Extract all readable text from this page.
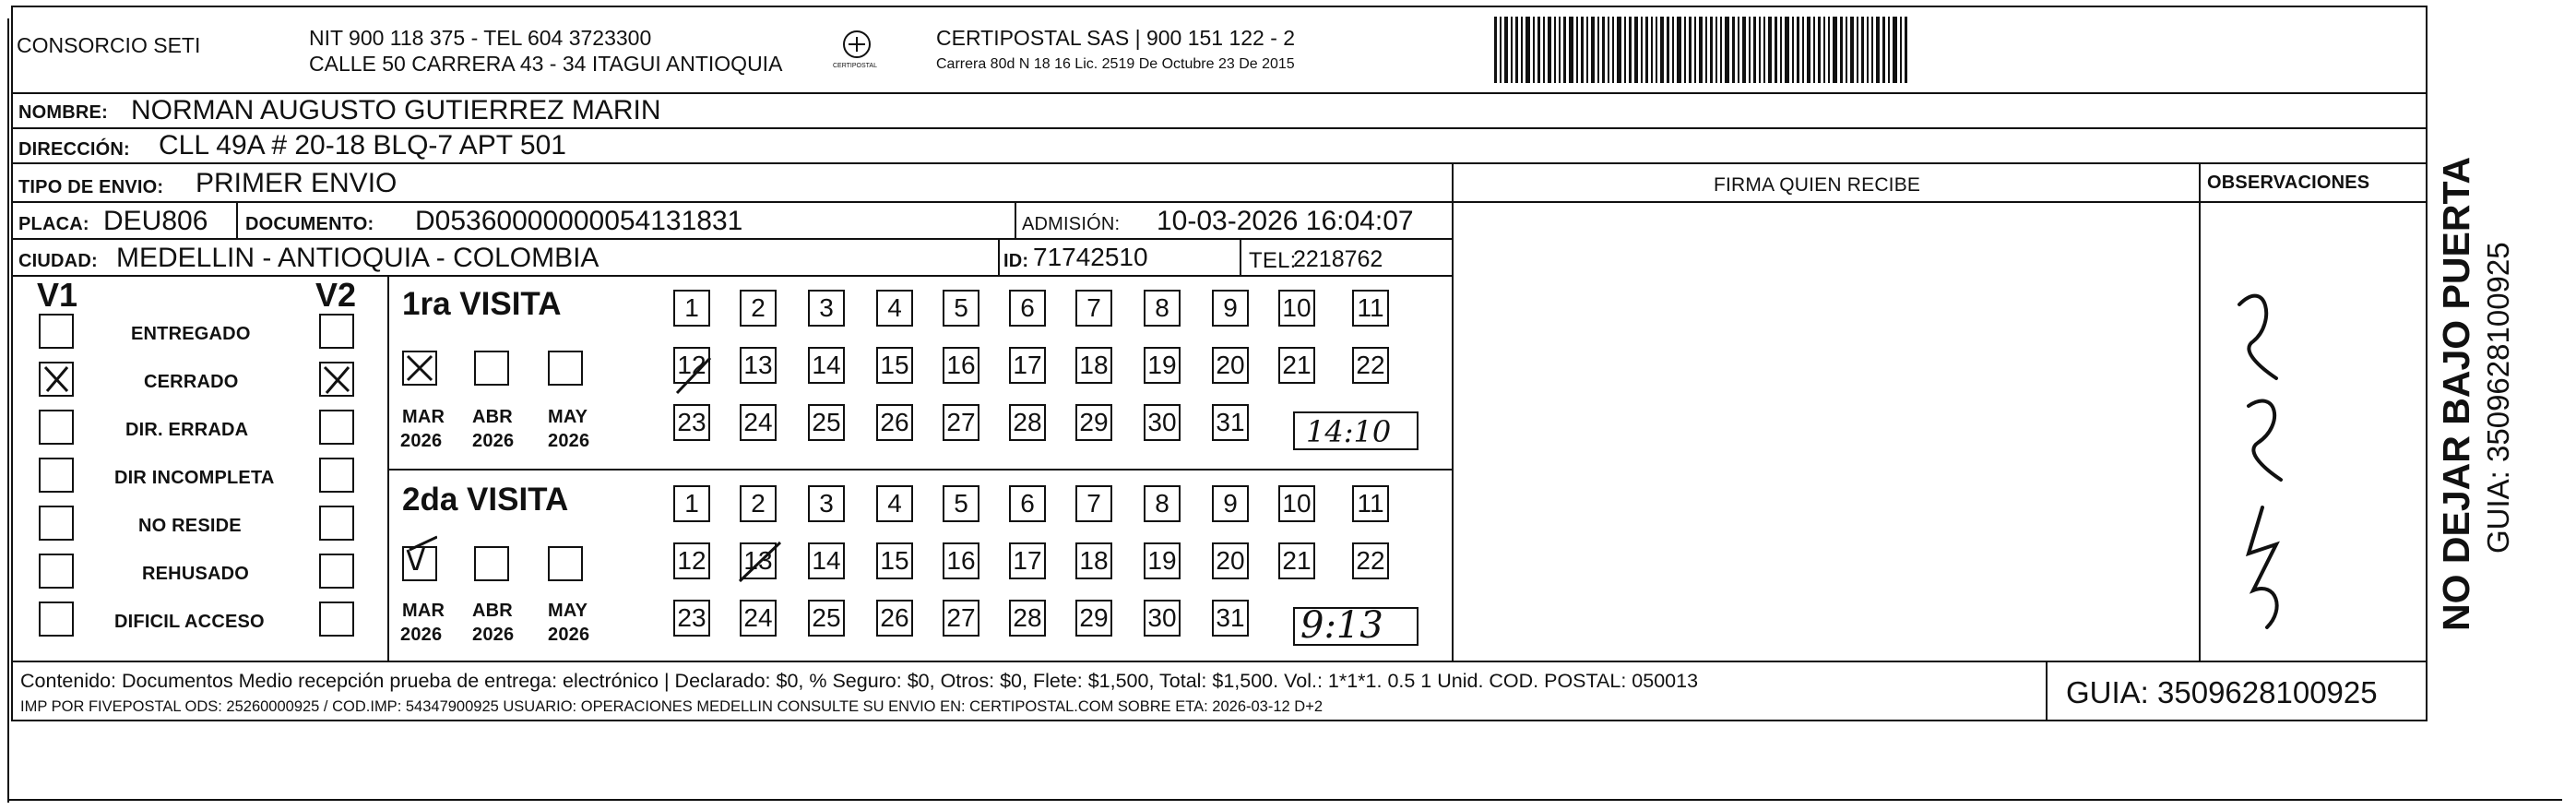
CONSORCIO SETI	NIT 900 118 375 - TEL 604 3723300
CALLE 50 CARRERA 43 - 34 ITAGUI ANTIOQUIA	CERTIPOSTAL
CERTIPOSTAL SAS | 900 151 122 - 2
Carrera 80d N 18 16 Lic. 2519 De Octubre 23 De 2015
NOMBRE: NORMAN AUGUSTO GUTIERREZ MARIN
DIRECCIÓN: CLL 49A # 20-18 BLQ-7 APT 501
TIPO DE ENVIO: PRIMER ENVIO	FIRMA QUIEN RECIBE	OBSERVACIONES
PLACA: DEU806 DOCUMENTO: D05360000000054131831	ADMISIÓN: 10-03-2026 16:04:07
CIUDAD: MEDELLIN - ANTIOQUIA - COLOMBIA	ID: 71742510	TEL:
2218762
V1	V2
ENTREGADO
CERRADO
DIR. ERRADA
DIR INCOMPLETA
NO RESIDE
REHUSADO
DIFICIL ACCESO
1ra VISITA
MAR ABR MAY
2026 2026 2026
1	2	3	4	5	6	7	8	9	10 11
12 13 14 15 16 17 18 19 20 21 22
23 24 25 26 27 28 29 30 31 14:10
2da VISITA
MAR ABR MAY
2026 2026 2026
1	2	3	4	5	6	7	8	9	10 11
12 13 14 15 16 17 18 19 20 21 22
23 24 25 26 27 28 29 30 31 9:13
Contenido: Documentos Medio recepción prueba de entrega: electrónico | Declarado: $0, % Seguro: $0, Otros: $0, Flete: $1,500, Total: $1,500. Vol.: 1*1*1. 0.5 1 Unid. COD. POSTAL: 050013
IMP POR FIVEPOSTAL ODS: 25260000925 / COD.IMP: 54347900925 USUARIO: OPERACIONES MEDELLIN CONSULTE SU ENVIO EN: CERTIPOSTAL.COM SOBRE ETA: 2026-03-12 D+2	GUIA: 3509628100925
NO DEJAR BAJO PUERTA GUIA: 3509628100925
